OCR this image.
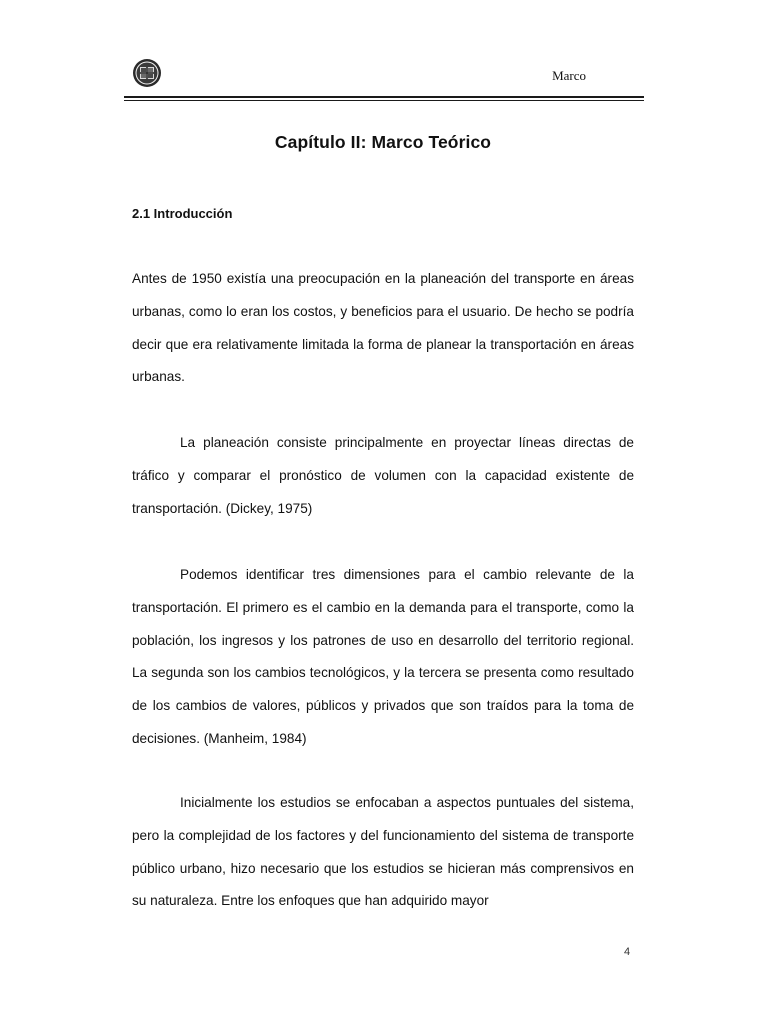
Marco
Capítulo II: Marco Teórico
2.1 Introducción

Antes de 1950 existía una preocupación en la planeación del transporte en áreas urbanas, como lo eran los costos, y beneficios para el usuario. De hecho se podría decir que era relativamente limitada la forma de planear la transportación en áreas urbanas.

La planeación consiste principalmente en proyectar líneas directas de tráfico y comparar el pronóstico de volumen con la capacidad existente de transportación. (Dickey, 1975)

Podemos identificar tres dimensiones para el cambio relevante de la transportación. El primero es el cambio en la demanda para el transporte, como la población, los ingresos y los patrones de uso en desarrollo del territorio regional. La segunda son los cambios tecnológicos, y la tercera se presenta como resultado de los cambios de valores, públicos y privados que son traídos para la toma de decisiones. (Manheim, 1984)

Inicialmente los estudios se enfocaban a aspectos puntuales del sistema, pero la complejidad de los factores y del funcionamiento del sistema de transporte público urbano, hizo necesario que los estudios se hicieran más comprensivos en su naturaleza. Entre los enfoques que han adquirido mayor

4
